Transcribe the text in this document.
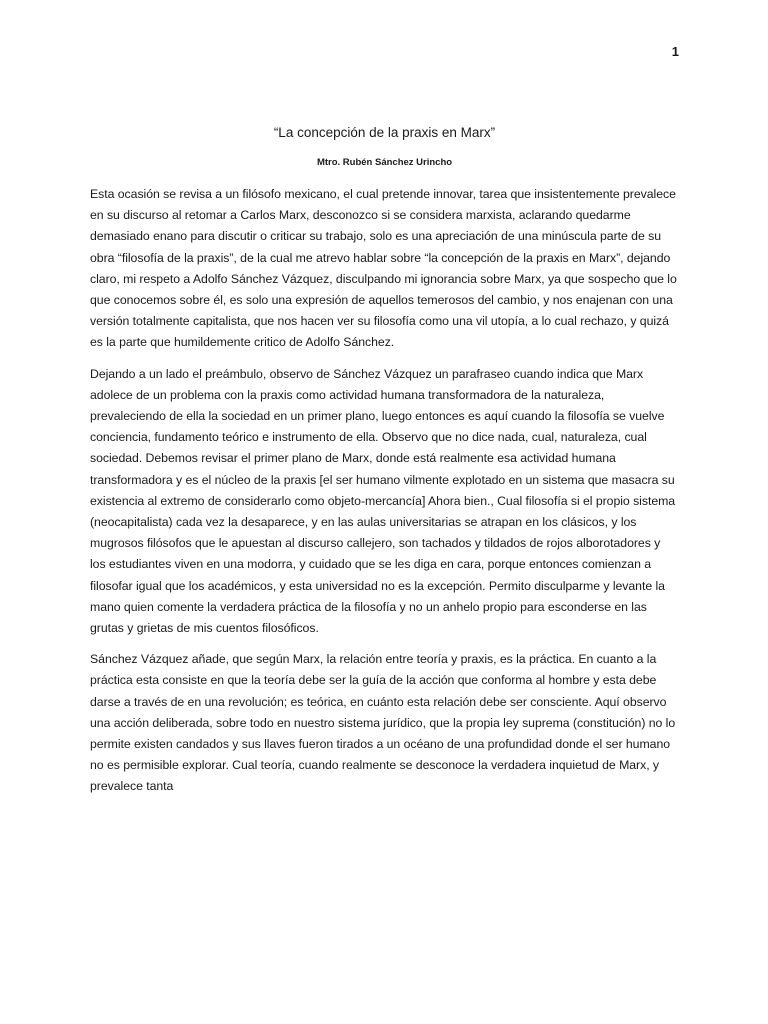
1
“La concepción de la praxis en Marx”

Mtro. Rubén Sánchez Urincho

Esta ocasión se revisa a un filósofo mexicano, el cual pretende innovar, tarea que insistentemente prevalece en su discurso al retomar a Carlos Marx, desconozco si se considera marxista, aclarando quedarme demasiado enano para discutir o criticar su trabajo, solo es una apreciación de una minúscula parte de su obra “filosofía de la praxis”, de la cual me atrevo hablar sobre “la concepción de la praxis en Marx”, dejando claro, mi respeto a Adolfo Sánchez Vázquez, disculpando mi ignorancia sobre Marx, ya que sospecho que lo que conocemos sobre él, es solo una expresión de aquellos temerosos del cambio, y nos enajenan con una versión totalmente capitalista, que nos hacen ver su filosofía como una vil utopía, a lo cual rechazo, y quizá es la parte que humildemente critico de Adolfo Sánchez.

Dejando a un lado el preámbulo, observo de Sánchez Vázquez un parafraseo cuando indica que Marx adolece de un problema con la praxis como actividad humana transformadora de la naturaleza, prevaleciendo de ella la sociedad en un primer plano, luego entonces es aquí cuando la filosofía se vuelve conciencia, fundamento teórico e instrumento de ella. Observo que no dice nada, cual, naturaleza, cual sociedad. Debemos revisar el primer plano de Marx, donde está realmente esa actividad humana transformadora y es el núcleo de la praxis [el ser humano vilmente explotado en un sistema que masacra su existencia al extremo de considerarlo como objeto-mercancía] Ahora bien., Cual filosofía si el propio sistema (neocapitalista) cada vez la desaparece, y en las aulas universitarias se atrapan en los clásicos, y los mugrosos filósofos que le apuestan al discurso callejero, son tachados y tildados de rojos alborotadores y los estudiantes viven en una modorra, y cuidado que se les diga en cara, porque entonces comienzan a filosofar igual que los académicos, y esta universidad no es la excepción. Permito disculparme y levante la mano quien comente la verdadera práctica de la filosofía y no un anhelo propio para esconderse en las grutas y grietas de mis cuentos filosóficos.

Sánchez Vázquez añade, que según Marx, la relación entre teoría y praxis, es la práctica. En cuanto a la práctica esta consiste en que la teoría debe ser la guía de la acción que conforma al hombre y esta debe darse a través de en una revolución; es teórica, en cuánto esta relación debe ser consciente. Aquí observo una acción deliberada, sobre todo en nuestro sistema jurídico, que la propia ley suprema (constitución) no lo permite existen candados y sus llaves fueron tirados a un océano de una profundidad donde el ser humano no es permisible explorar. Cual teoría, cuando realmente se desconoce la verdadera inquietud de Marx, y prevalece tanta
